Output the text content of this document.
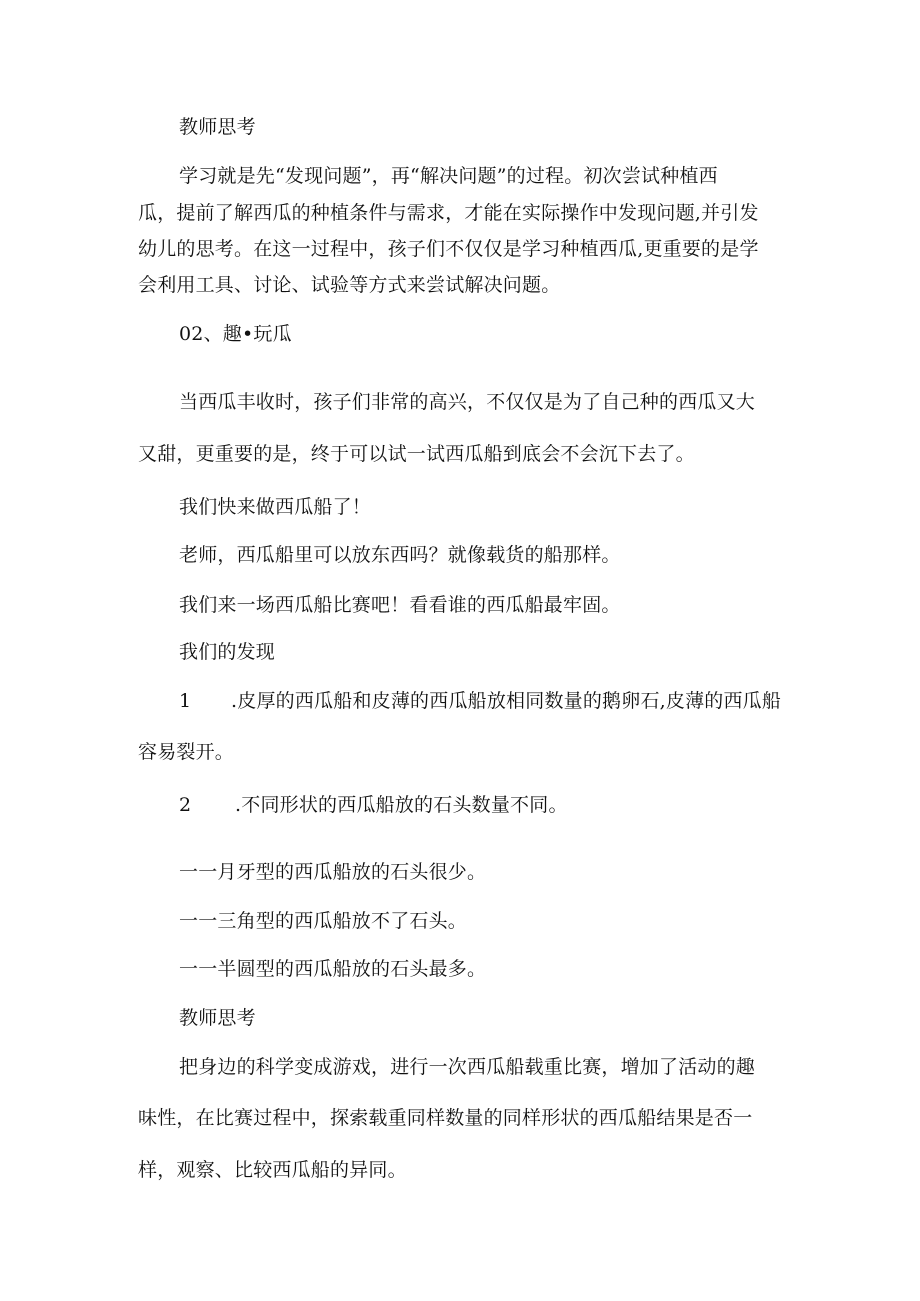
教师思考
学习就是先“发现问题”，再“解决问题”的过程。初次尝试种植西
瓜，提前了解西瓜的种植条件与需求，才能在实际操作中发现问题,并引发
幼儿的思考。在这一过程中，孩子们不仅仅是学习种植西瓜,更重要的是学
会利用工具、讨论、试验等方式来尝试解决问题。
02、趣•玩瓜
当西瓜丰收时，孩子们非常的高兴，不仅仅是为了自己种的西瓜又大
又甜，更重要的是，终于可以试一试西瓜船到底会不会沉下去了。
我们快来做西瓜船了！
老师，西瓜船里可以放东西吗？就像载货的船那样。
我们来一场西瓜船比赛吧！看看谁的西瓜船最牢固。
我们的发现
1 .皮厚的西瓜船和皮薄的西瓜船放相同数量的鹅卵石,皮薄的西瓜船
容易裂开。
2 .不同形状的西瓜船放的石头数量不同。
一一月牙型的西瓜船放的石头很少。
一一三角型的西瓜船放不了石头。
一一半圆型的西瓜船放的石头最多。
教师思考
把身边的科学变成游戏，进行一次西瓜船载重比赛，增加了活动的趣
味性，在比赛过程中，探索载重同样数量的同样形状的西瓜船结果是否一
样，观察、比较西瓜船的异同。
